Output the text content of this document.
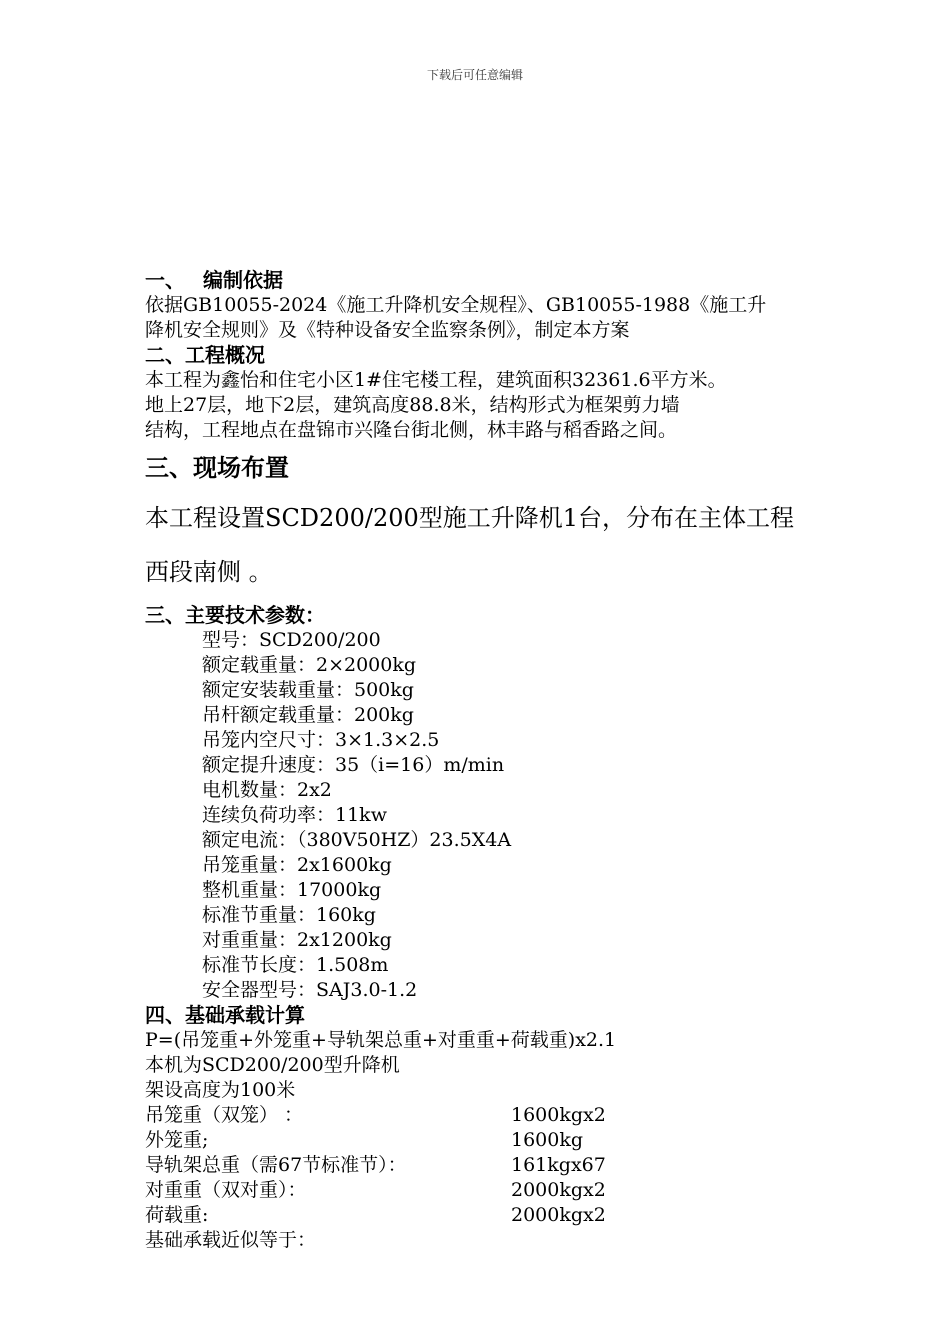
下载后可任意编辑

一、 编制依据

依据GB10055-2024《施工升降机安全规程》、GB10055-1988《施工升

降机安全规则》及《特种设备安全监察条例》，制定本方案

二、工程概况

本工程为鑫怡和住宅小区1#住宅楼工程，建筑面积32361.6平方米。

地上27层，地下2层，建筑高度88.8米，结构形式为框架剪力墙

结构，工程地点在盘锦市兴隆台街北侧，林丰路与稻香路之间。

三、现场布置

本工程设置SCD200/200型施工升降机1台，分布在主体工程

西段南侧 。

三、主要技术参数：

型号：SCD200/200
额定载重量：2×2000kg
额定安装载重量：500kg
吊杆额定载重量：200kg
吊笼内空尺寸：3×1.3×2.5
额定提升速度：35（i=16）m/min
电机数量：2x2
连续负荷功率：11kw
额定电流：（380V50HZ）23.5X4A
吊笼重量：2x1600kg
整机重量：17000kg
标准节重量：160kg
对重重量：2x1200kg
标准节长度：1.508m
安全器型号：SAJ3.0-1.2

四、基础承载计算

P=(吊笼重+外笼重+导轨架总重+对重重+荷载重)x2.1

本机为SCD200/200型升降机

架设高度为100米

吊笼重（双笼） ：	1600kgx2
外笼重;	1600kg
导轨架总重（需67节标准节）：	161kgx67
对重重（双对重）：	2000kgx2
荷载重:	2000kgx2

基础承载近似等于：
